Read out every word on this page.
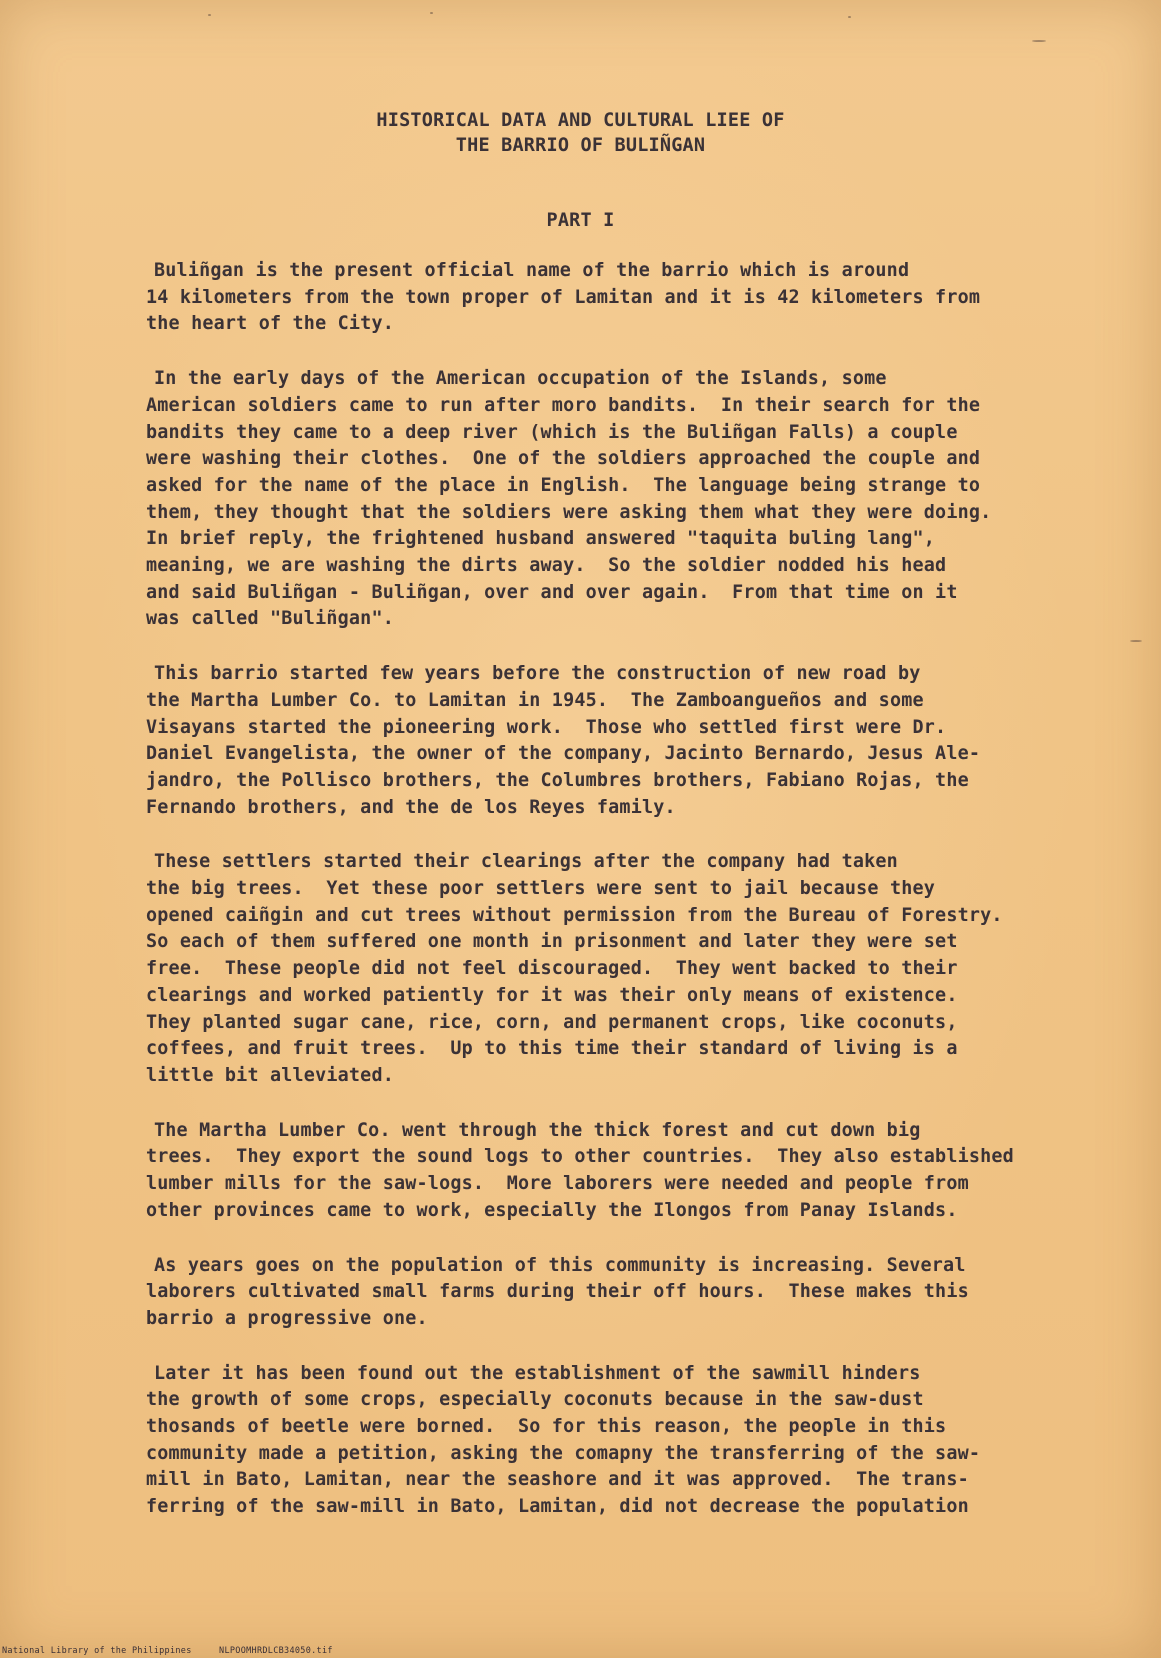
HISTORICAL DATA AND CULTURAL LIEE OF
THE BARRIO OF BULIÑGAN
PART I

Buliñgan is the present official name of the barrio which is around
14 kilometers from the town proper of Lamitan and it is 42 kilometers from
the heart of the City.

In the early days of the American occupation of the Islands, some
American soldiers came to run after moro bandits.  In their search for the
bandits they came to a deep river (which is the Buliñgan Falls) a couple
were washing their clothes.  One of the soldiers approached the couple and
asked for the name of the place in English.  The language being strange to
them, they thought that the soldiers were asking them what they were doing.
In brief reply, the frightened husband answered "taquita buling lang",
meaning, we are washing the dirts away.  So the soldier nodded his head
and said Buliñgan - Buliñgan, over and over again.  From that time on it
was called "Buliñgan".

This barrio started few years before the construction of new road by
the Martha Lumber Co. to Lamitan in 1945.  The Zamboangueños and some
Visayans started the pioneering work.  Those who settled first were Dr.
Daniel Evangelista, the owner of the company, Jacinto Bernardo, Jesus Ale-
jandro, the Pollisco brothers, the Columbres brothers, Fabiano Rojas, the
Fernando brothers, and the de los Reyes family.

These settlers started their clearings after the company had taken
the big trees.  Yet these poor settlers were sent to jail because they
opened caiñgin and cut trees without permission from the Bureau of Forestry.
So each of them suffered one month in prisonment and later they were set
free.  These people did not feel discouraged.  They went backed to their
clearings and worked patiently for it was their only means of existence.
They planted sugar cane, rice, corn, and permanent crops, like coconuts,
coffees, and fruit trees.  Up to this time their standard of living is a
little bit alleviated.

The Martha Lumber Co. went through the thick forest and cut down big
trees.  They export the sound logs to other countries.  They also established
lumber mills for the saw-logs.  More laborers were needed and people from
other provinces came to work, especially the Ilongos from Panay Islands.

As years goes on the population of this community is increasing. Several
laborers cultivated small farms during their off hours.  These makes this
barrio a progressive one.

Later it has been found out the establishment of the sawmill hinders
the growth of some crops, especially coconuts because in the saw-dust
thosands of beetle were borned.  So for this reason, the people in this
community made a petition, asking the comapny the transferring of the saw-
mill in Bato, Lamitan, near the seashore and it was approved.  The trans-
ferring of the saw-mill in Bato, Lamitan, did not decrease the population

National Library of the Philippines	NLPOOMHRDLCB34050.tif
